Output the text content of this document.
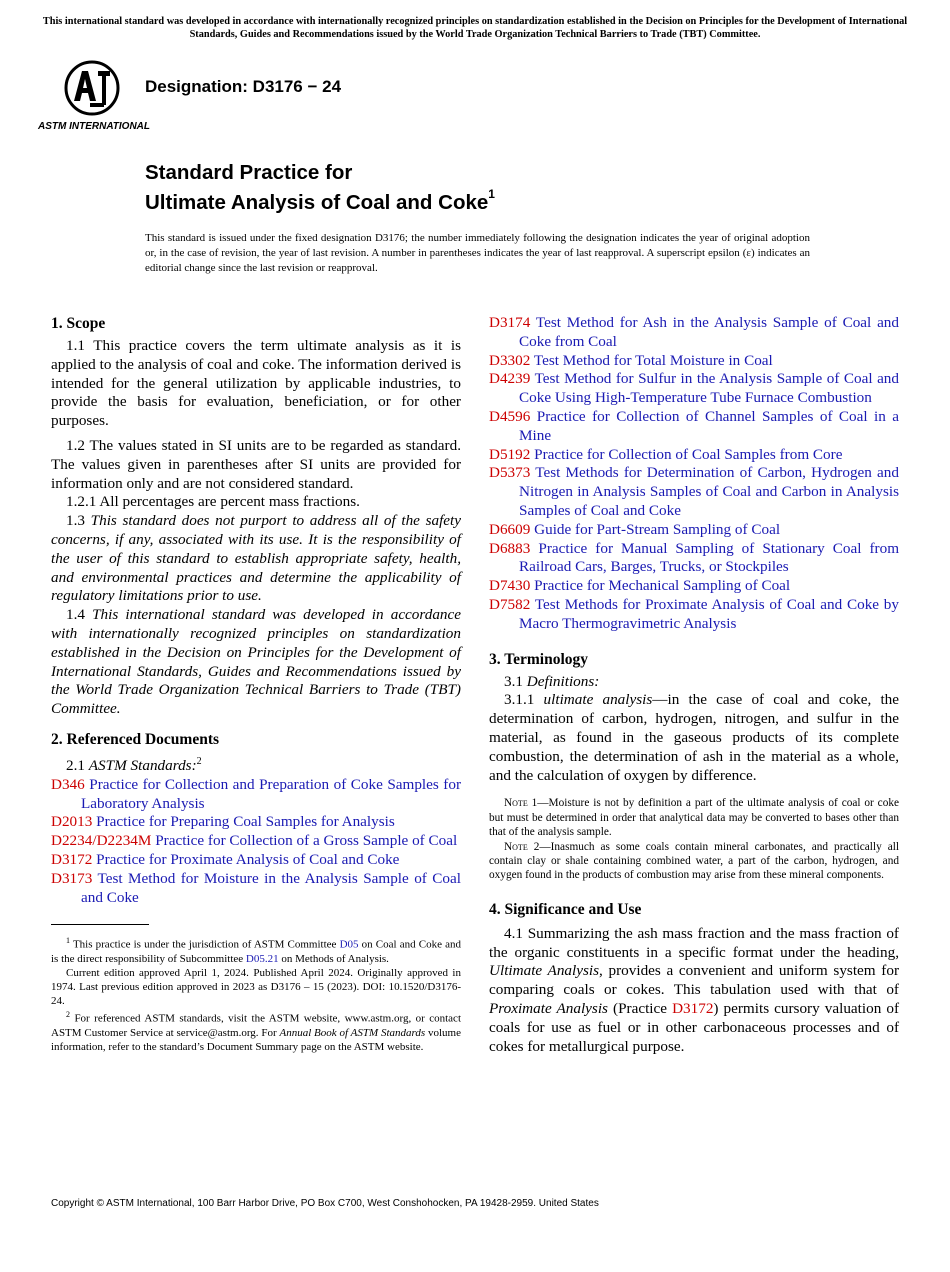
This international standard was developed in accordance with internationally recognized principles on standardization established in the Decision on Principles for the Development of International Standards, Guides and Recommendations issued by the World Trade Organization Technical Barriers to Trade (TBT) Committee.
ASTM INTERNATIONAL
Designation: D3176 − 24
Standard Practice for
Ultimate Analysis of Coal and Coke$^1$
This standard is issued under the fixed designation D3176; the number immediately following the designation indicates the year of original adoption or, in the case of revision, the year of last revision. A number in parentheses indicates the year of last reapproval. A superscript epsilon (ε) indicates an editorial change since the last revision or reapproval.
1. Scope

1.1 This practice covers the term ultimate analysis as it is applied to the analysis of coal and coke. The information derived is intended for the general utilization by applicable industries, to provide the basis for evaluation, beneficiation, or for other purposes.

1.2 The values stated in SI units are to be regarded as standard. The values given in parentheses after SI units are provided for information only and are not considered standard.

1.2.1 All percentages are percent mass fractions.

1.3 This standard does not purport to address all of the safety concerns, if any, associated with its use. It is the responsibility of the user of this standard to establish appropriate safety, health, and environmental practices and determine the applicability of regulatory limitations prior to use.

1.4 This international standard was developed in accordance with internationally recognized principles on standardization established in the Decision on Principles for the Development of International Standards, Guides and Recommendations issued by the World Trade Organization Technical Barriers to Trade (TBT) Committee.

2. Referenced Documents

2.1 ASTM Standards:$^2$

D346 Practice for Collection and Preparation of Coke Samples for Laboratory Analysis

D2013 Practice for Preparing Coal Samples for Analysis

D2234/D2234M Practice for Collection of a Gross Sample of Coal

D3172 Practice for Proximate Analysis of Coal and Coke

D3173 Test Method for Moisture in the Analysis Sample of Coal and Coke

$^1$ This practice is under the jurisdiction of ASTM Committee D05 on Coal and Coke and is the direct responsibility of Subcommittee D05.21 on Methods of Analysis.

Current edition approved April 1, 2024. Published April 2024. Originally approved in 1974. Last previous edition approved in 2023 as D3176 – 15 (2023). DOI: 10.1520/D3176-24.

$^2$ For referenced ASTM standards, visit the ASTM website, www.astm.org, or contact ASTM Customer Service at service@astm.org. For Annual Book of ASTM Standards volume information, refer to the standard’s Document Summary page on the ASTM website.

D3174 Test Method for Ash in the Analysis Sample of Coal and Coke from Coal

D3302 Test Method for Total Moisture in Coal

D4239 Test Method for Sulfur in the Analysis Sample of Coal and Coke Using High-Temperature Tube Furnace Combustion

D4596 Practice for Collection of Channel Samples of Coal in a Mine

D5192 Practice for Collection of Coal Samples from Core

D5373 Test Methods for Determination of Carbon, Hydrogen and Nitrogen in Analysis Samples of Coal and Carbon in Analysis Samples of Coal and Coke

D6609 Guide for Part-Stream Sampling of Coal

D6883 Practice for Manual Sampling of Stationary Coal from Railroad Cars, Barges, Trucks, or Stockpiles

D7430 Practice for Mechanical Sampling of Coal

D7582 Test Methods for Proximate Analysis of Coal and Coke by Macro Thermogravimetric Analysis

3. Terminology

3.1 Definitions:

3.1.1 ultimate analysis—in the case of coal and coke, the determination of carbon, hydrogen, nitrogen, and sulfur in the material, as found in the gaseous products of its complete combustion, the determination of ash in the material as a whole, and the calculation of oxygen by difference.

Note 1—Moisture is not by definition a part of the ultimate analysis of coal or coke but must be determined in order that analytical data may be converted to bases other than that of the analysis sample.

Note 2—Inasmuch as some coals contain mineral carbonates, and practically all contain clay or shale containing combined water, a part of the carbon, hydrogen, and oxygen found in the products of combustion may arise from these mineral components.

4. Significance and Use

4.1 Summarizing the ash mass fraction and the mass fraction of the organic constituents in a specific format under the heading, Ultimate Analysis, provides a convenient and uniform system for comparing coals or cokes. This tabulation used with that of Proximate Analysis (Practice D3172) permits cursory valuation of coals for use as fuel or in other carbonaceous processes and of cokes for metallurgical purpose.

Copyright © ASTM International, 100 Barr Harbor Drive, PO Box C700, West Conshohocken, PA 19428-2959. United States
